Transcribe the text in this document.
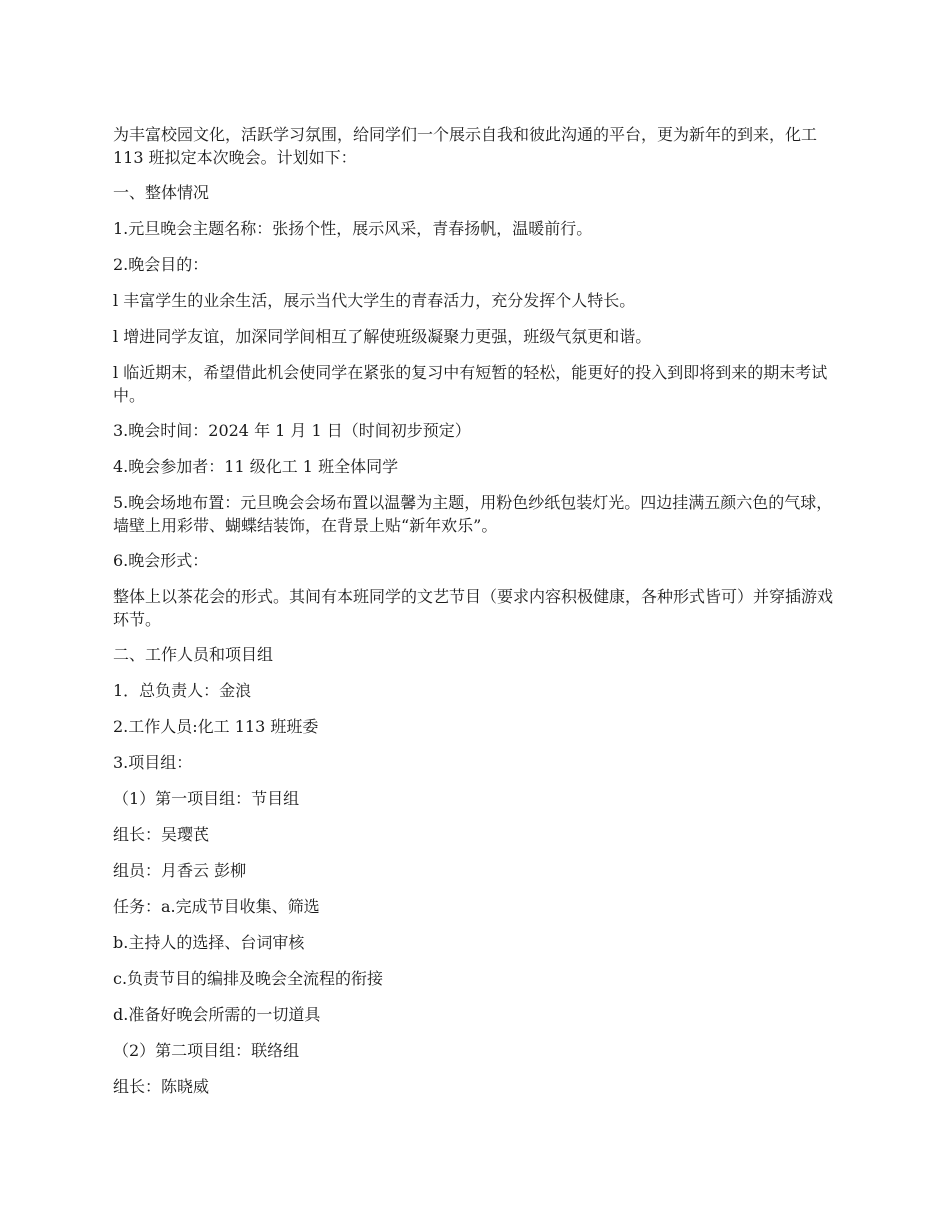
为丰富校园文化，活跃学习氛围，给同学们一个展示自我和彼此沟通的平台，更为新年的到来，化工 113 班拟定本次晚会。计划如下：

一、整体情况

1.元旦晚会主题名称：张扬个性，展示风采，青春扬帆，温暖前行。

2.晚会目的：

l 丰富学生的业余生活，展示当代大学生的青春活力，充分发挥个人特长。

l 增进同学友谊，加深同学间相互了解使班级凝聚力更强，班级气氛更和谐。

l 临近期末，希望借此机会使同学在紧张的复习中有短暂的轻松，能更好的投入到即将到来的期末考试中。

3.晚会时间：2024 年 1 月 1 日（时间初步预定）

4.晚会参加者：11 级化工 1 班全体同学

5.晚会场地布置：元旦晚会会场布置以温馨为主题，用粉色纱纸包装灯光。四边挂满五颜六色的气球，墙壁上用彩带、蝴蝶结装饰，在背景上贴“新年欢乐”。

6.晚会形式：

整体上以茶花会的形式。其间有本班同学的文艺节目（要求内容积极健康，各种形式皆可）并穿插游戏环节。

二、工作人员和项目组

1．总负责人：金浪

2.工作人员:化工 113 班班委

3.项目组：

（1）第一项目组：节目组

组长：吴璎芪

组员：月香云 彭柳

任务：a.完成节目收集、筛选

b.主持人的选择、台词审核

c.负责节目的编排及晚会全流程的衔接

d.准备好晚会所需的一切道具

（2）第二项目组：联络组

组长：陈晓威
